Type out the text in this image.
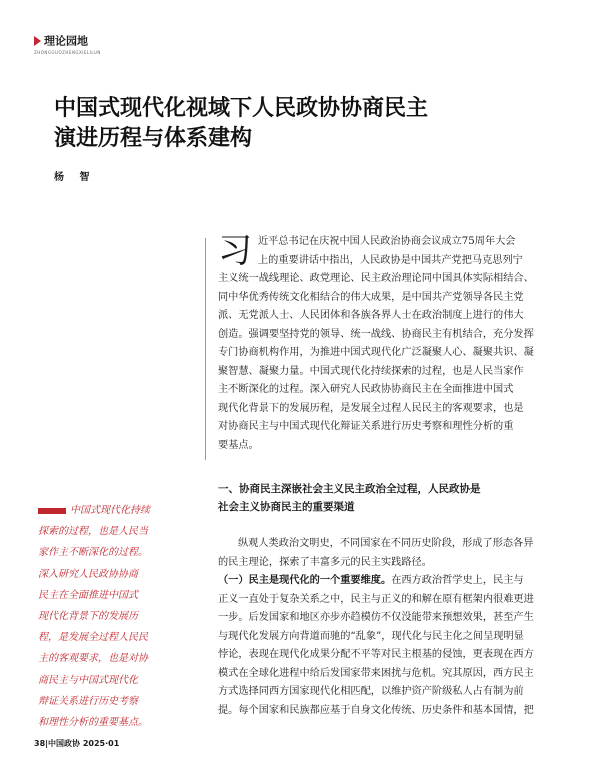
理论园地
ZHONGGUOZHENGXIELILUN
中国式现代化视域下人民政协协商民主
演进历程与体系建构
杨 智
习 近平总书记在庆祝中国人民政治协商会议成立75周年大会
上的重要讲话中指出，人民政协是中国共产党把马克思列宁
主义统一战线理论、政党理论、民主政治理论同中国具体实际相结合、
同中华优秀传统文化相结合的伟大成果，是中国共产党领导各民主党
派、无党派人士、人民团体和各族各界人士在政治制度上进行的伟大
创造。强调要坚持党的领导、统一战线、协商民主有机结合，充分发挥
专门协商机构作用，为推进中国式现代化广泛凝聚人心、凝聚共识、凝
聚智慧、凝聚力量。中国式现代化持续探索的过程，也是人民当家作
主不断深化的过程。深入研究人民政协协商民主在全面推进中国式
现代化背景下的发展历程，是发展全过程人民民主的客观要求，也是
对协商民主与中国式现代化辩证关系进行历史考察和理性分析的重
要基点。
一、协商民主深嵌社会主义民主政治全过程，人民政协是
社会主义协商民主的重要渠道
纵观人类政治文明史，不同国家在不同历史阶段，形成了形态各异
的民主理论，探索了丰富多元的民主实践路径。
（一）民主是现代化的一个重要维度。在西方政治哲学史上，民主与
正义一直处于复杂关系之中，民主与正义的和解在原有框架内很难更进
一步。后发国家和地区亦步亦趋模仿不仅没能带来预想效果，甚至产生
与现代化发展方向背道而驰的“乱象”，现代化与民主化之间呈现明显
悖论，表现在现代化成果分配不平等对民主根基的侵蚀，更表现在西方
模式在全球化进程中给后发国家带来困扰与危机。究其原因，西方民主
方式选择同西方国家现代化相匹配，以维护资产阶级私人占有制为前
提。每个国家和民族都应基于自身文化传统、历史条件和基本国情，把
中国式现代化持续
探索的过程，也是人民当
家作主不断深化的过程。
深入研究人民政协协商
民主在全面推进中国式
现代化背景下的发展历
程，是发展全过程人民民
主的客观要求，也是对协
商民主与中国式现代化
辩证关系进行历史考察
和理性分析的重要基点。
38|中国政协 2025·01
